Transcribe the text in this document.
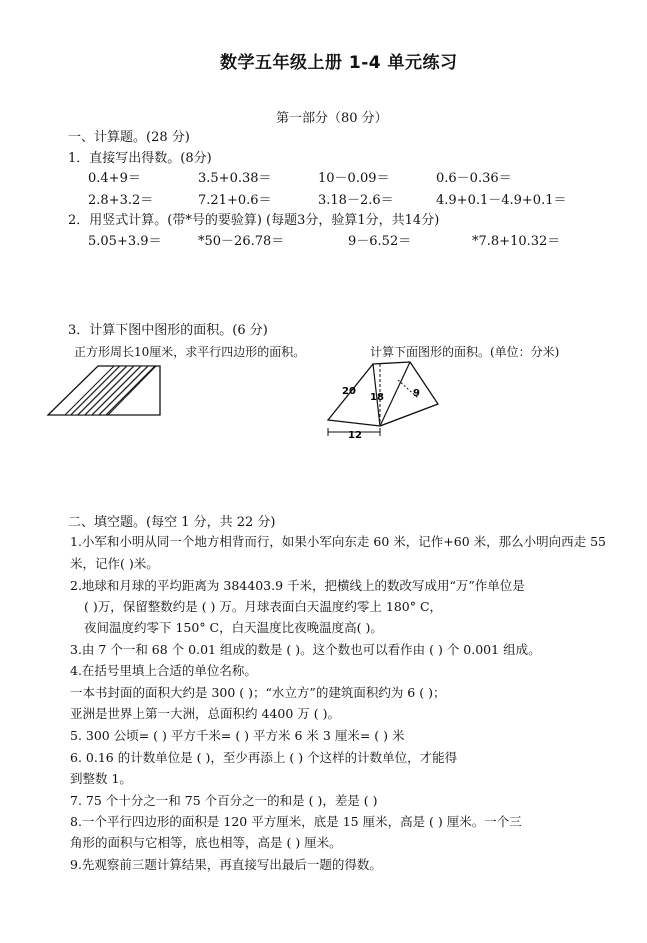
数学五年级上册 1-4 单元练习
第一部分（80 分）
一、计算题。(28 分)
1．直接写出得数。(8分)
0.4+9＝	3.5+0.38＝	10－0.09＝	0.6－0.36＝
2.8+3.2＝	7.21+0.6＝	3.18－2.6＝	4.9+0.1－4.9+0.1＝
2．用竖式计算。(带*号的要验算) (每题3分，验算1分，共14分)
5.05+3.9＝	*50－26.78＝	9－6.52＝	*7.8+10.32＝
3．计算下图中图形的面积。(6 分)
正方形周长10厘米，求平行四边形的面积。	计算下面图形的面积。(单位：分米)
20
18	9
12
二、填空题。(每空 1 分，共 22 分)
1.小军和小明从同一个地方相背而行，如果小军向东走 60 米，记作+60 米，那么小明向西走 55
米，记作( )米。
2.地球和月球的平均距离为 384403.9 千米，把横线上的数改写成用“万”作单位是
( )万，保留整数约是 ( ) 万。月球表面白天温度约零上 180° C，
夜间温度约零下 150° C，白天温度比夜晚温度高( )。
3.由 7 个一和 68 个 0.01 组成的数是 ( )。这个数也可以看作由 ( ) 个 0.001 组成。
4.在括号里填上合适的单位名称。
一本书封面的面积大约是 300 ( )；“水立方”的建筑面积约为 6 ( )；
亚洲是世界上第一大洲，总面积约 4400 万 ( )。
5. 300 公顷= ( ) 平方千米= ( ) 平方米 6 米 3 厘米= ( ) 米
6. 0.16 的计数单位是 ( )，至少再添上 ( ) 个这样的计数单位，才能得
到整数 1。
7. 75 个十分之一和 75 个百分之一的和是 ( )，差是 ( )
8.一个平行四边形的面积是 120 平方厘米，底是 15 厘米，高是 ( ) 厘米。一个三
角形的面积与它相等，底也相等，高是 ( ) 厘米。
9.先观察前三题计算结果，再直接写出最后一题的得数。
